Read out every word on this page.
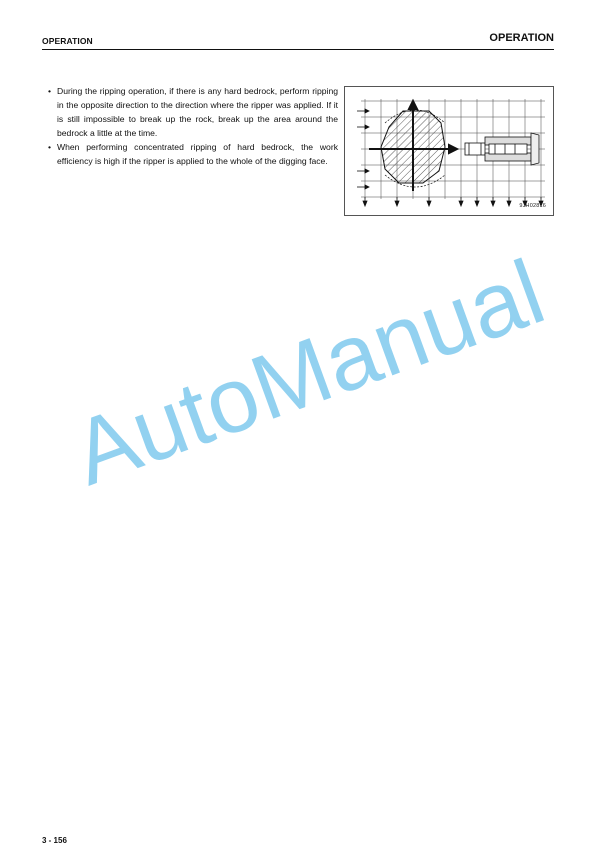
OPERATION	OPERATION
• During the ripping operation, if there is any hard bedrock, perform ripping in the opposite direction to the direction where the ripper was applied. If it is still impossible to break up the rock, break up the area around the bedrock a little at the time.
• When performing concentrated ripping of hard bedrock, the work efficiency is high if the ripper is applied to the whole of the digging face.
9JH02816
AutoManual
3 - 156
